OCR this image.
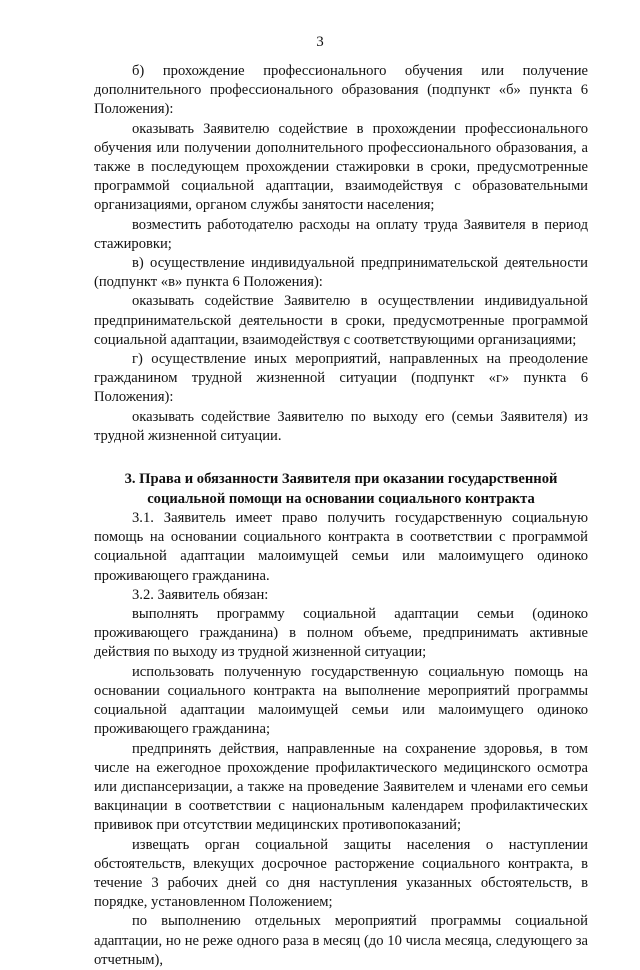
3

б) прохождение профессионального обучения или получение дополнительного профессионального образования (подпункт «б» пункта 6 Положения):

оказывать Заявителю содействие в прохождении профессионального обучения или получении дополнительного профессионального образования, а также в последующем прохождении стажировки в сроки, предусмотренные программой социальной адаптации, взаимодействуя с образовательными организациями, органом службы занятости населения;

возместить работодателю расходы на оплату труда Заявителя в период стажировки;

в) осуществление индивидуальной предпринимательской деятельности (подпункт «в» пункта 6 Положения):

оказывать содействие Заявителю в осуществлении индивидуальной предпринимательской деятельности в сроки, предусмотренные программой социальной адаптации, взаимодействуя с соответствующими организациями;

г) осуществление иных мероприятий, направленных на преодоление гражданином трудной жизненной ситуации (подпункт «г» пункта 6 Положения):

оказывать содействие Заявителю по выходу его (семьи Заявителя) из трудной жизненной ситуации.

3. Права и обязанности Заявителя при оказании государственной
социальной помощи на основании социального контракта

3.1. Заявитель имеет право получить государственную социальную помощь на основании социального контракта в соответствии с программой социальной адаптации малоимущей семьи или малоимущего одиноко проживающего гражданина.

3.2. Заявитель обязан:

выполнять программу социальной адаптации семьи (одиноко проживающего гражданина) в полном объеме, предпринимать активные действия по выходу из трудной жизненной ситуации;

использовать полученную государственную социальную помощь на основании социального контракта на выполнение мероприятий программы социальной адаптации малоимущей семьи или малоимущего одиноко проживающего гражданина;

предпринять действия, направленные на сохранение здоровья, в том числе на ежегодное прохождение профилактического медицинского осмотра или диспансеризации, а также на проведение Заявителем и членами его семьи вакцинации в соответствии с национальным календарем профилактических прививок при отсутствии медицинских противопоказаний;

извещать орган социальной защиты населения о наступлении обстоятельств, влекущих досрочное расторжение социального контракта, в течение 3 рабочих дней со дня наступления указанных обстоятельств, в порядке, установленном Положением;

по выполнению отдельных мероприятий программы социальной адаптации, но не реже одного раза в месяц (до 10 числа месяца, следующего за отчетным),
